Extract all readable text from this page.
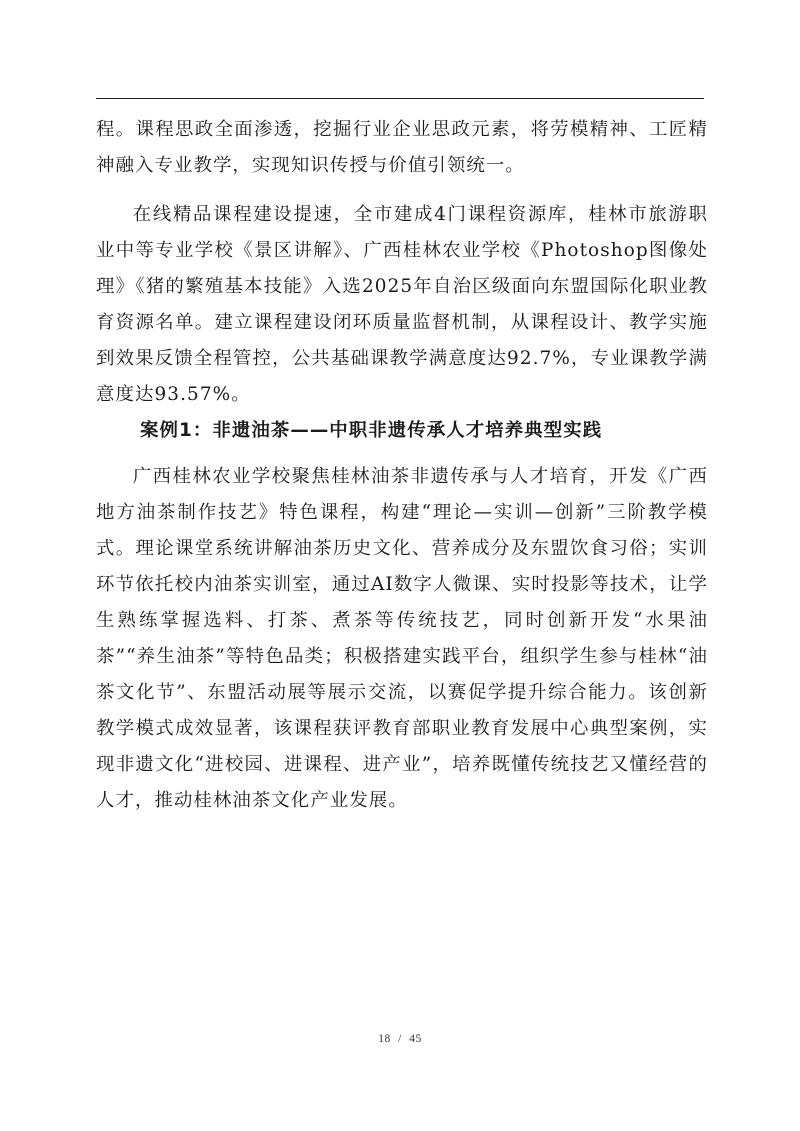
程。课程思政全面渗透，挖掘行业企业思政元素，将劳模精神、工匠精神融入专业教学，实现知识传授与价值引领统一。

在线精品课程建设提速，全市建成4门课程资源库，桂林市旅游职业中等专业学校《景区讲解》、广西桂林农业学校《Photoshop图像处理》《猪的繁殖基本技能》入选2025年自治区级面向东盟国际化职业教育资源名单。建立课程建设闭环质量监督机制，从课程设计、教学实施到效果反馈全程管控，公共基础课教学满意度达92.7%，专业课教学满意度达93.57%。

案例1：非遗油茶——中职非遗传承人才培养典型实践

广西桂林农业学校聚焦桂林油茶非遗传承与人才培育，开发《广西地方油茶制作技艺》特色课程，构建“理论—实训—创新”三阶教学模式。理论课堂系统讲解油茶历史文化、营养成分及东盟饮食习俗；实训环节依托校内油茶实训室，通过AI数字人微课、实时投影等技术，让学生熟练掌握选料、打茶、煮茶等传统技艺，同时创新开发“水果油茶”“养生油茶”等特色品类；积极搭建实践平台，组织学生参与桂林“油茶文化节”、东盟活动展等展示交流，以赛促学提升综合能力。该创新教学模式成效显著，该课程获评教育部职业教育发展中心典型案例，实现非遗文化“进校园、进课程、进产业”，培养既懂传统技艺又懂经营的人才，推动桂林油茶文化产业发展。

18 / 45
